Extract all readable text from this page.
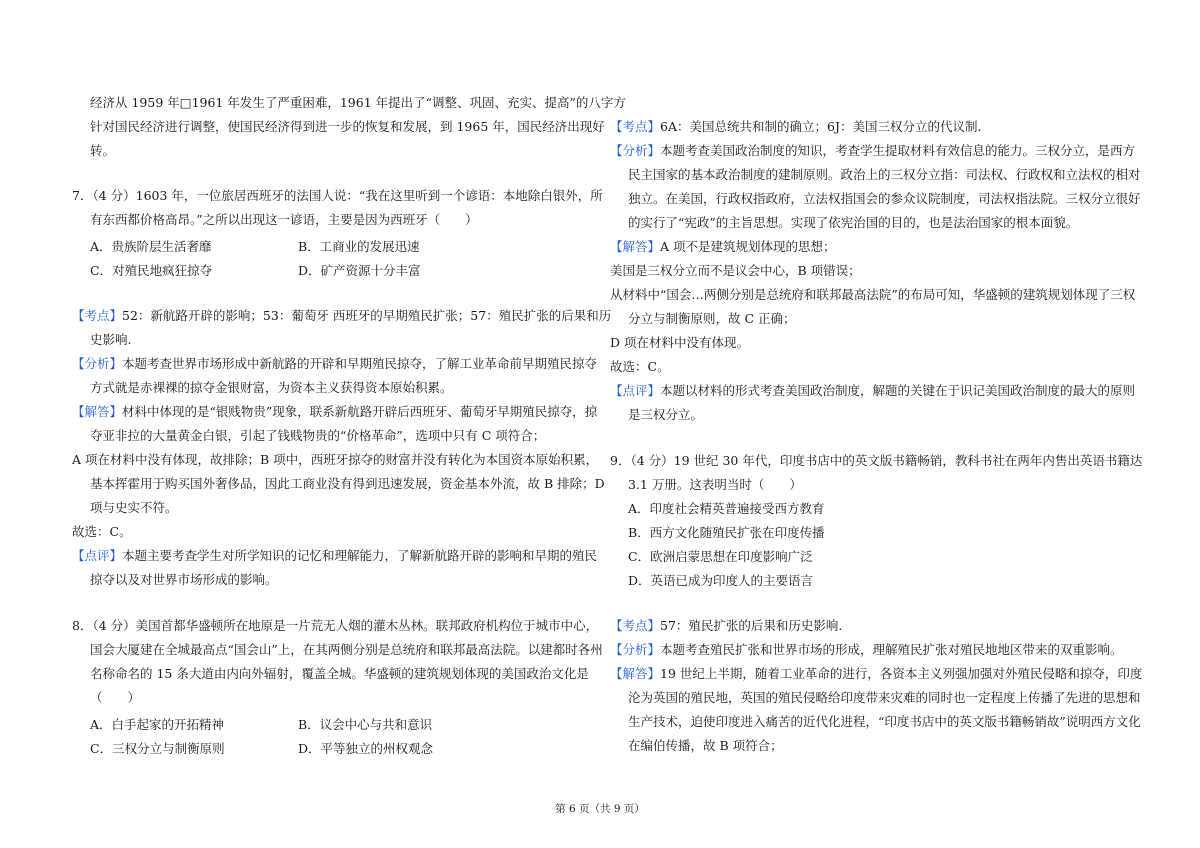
经济从 1959 年□1961 年发生了严重困难，1961 年提出了“调整、巩固、充实、提高”的八字方
针对国民经济进行调整，使国民经济得到进一步的恢复和发展，到 1965 年，国民经济出现好
转。
7．（4 分）1603 年，一位旅居西班牙的法国人说：“我在这里听到一个谚语：本地除白银外，所
有东西都价格高昂。”之所以出现这一谚语，主要是因为西班牙（　　）
A．贵族阶层生活奢靡	B．工商业的发展迅速
C．对殖民地疯狂掠夺	D．矿产资源十分丰富
【考点】52：新航路开辟的影响；53：葡萄牙 西班牙的早期殖民扩张；57：殖民扩张的后果和历
史影响.
【分析】本题考查世界市场形成中新航路的开辟和早期殖民掠夺，了解工业革命前早期殖民掠夺
方式就是赤裸裸的掠夺金银财富，为资本主义获得资本原始积累。
【解答】材料中体现的是“银贱物贵”现象，联系新航路开辟后西班牙、葡萄牙早期殖民掠夺，掠
夺亚非拉的大量黄金白银，引起了钱贱物贵的“价格革命”，选项中只有 C 项符合；
A 项在材料中没有体现，故排除；B 项中，西班牙掠夺的财富并没有转化为本国资本原始积累，
基本挥霍用于购买国外奢侈品，因此工商业没有得到迅速发展，资金基本外流，故 B 排除；D
项与史实不符。
故选：C。
【点评】本题主要考查学生对所学知识的记忆和理解能力，了解新航路开辟的影响和早期的殖民
掠夺以及对世界市场形成的影响。
8．（4 分）美国首都华盛顿所在地原是一片荒无人烟的灌木丛林。联邦政府机构位于城市中心，
国会大厦建在全城最高点“国会山”上，在其两侧分别是总统府和联邦最高法院。以建都时各州
名称命名的 15 条大道由内向外辐射，覆盖全城。华盛顿的建筑规划体现的美国政治文化是
（　　）
A．白手起家的开拓精神	B．议会中心与共和意识
C．三权分立与制衡原则	D．平等独立的州权观念
【考点】6A：美国总统共和制的确立；6J：美国三权分立的代议制.
【分析】本题考查美国政治制度的知识，考查学生提取材料有效信息的能力。三权分立，是西方
民主国家的基本政治制度的建制原则。政治上的三权分立指：司法权、行政权和立法权的相对
独立。在美国，行政权指政府，立法权指国会的参众议院制度，司法权指法院。三权分立很好
的实行了“宪政”的主旨思想。实现了依宪治国的目的，也是法治国家的根本面貌。
【解答】A 项不是建筑规划体现的思想；
美国是三权分立而不是议会中心，B 项错误；
从材料中“国会…两侧分别是总统府和联邦最高法院”的布局可知，华盛顿的建筑规划体现了三权
分立与制衡原则，故 C 正确；
D 项在材料中没有体现。
故选：C。
【点评】本题以材料的形式考查美国政治制度，解题的关键在于识记美国政治制度的最大的原则
是三权分立。
9．（4 分）19 世纪 30 年代，印度书店中的英文版书籍畅销，教科书社在两年内售出英语书籍达
3.1 万册。这表明当时（　　）
A．印度社会精英普遍接受西方教育
B．西方文化随殖民扩张在印度传播
C．欧洲启蒙思想在印度影响广泛
D．英语已成为印度人的主要语言
【考点】57：殖民扩张的后果和历史影响.
【分析】本题考查殖民扩张和世界市场的形成，理解殖民扩张对殖民地地区带来的双重影响。
【解答】19 世纪上半期，随着工业革命的进行，各资本主义列强加强对外殖民侵略和掠夺，印度
沦为英国的殖民地，英国的殖民侵略给印度带来灾难的同时也一定程度上传播了先进的思想和
生产技术，迫使印度进入痛苦的近代化进程，“印度书店中的英文版书籍畅销故”说明西方文化
在编伯传播，故 B 项符合；
第 6 页（共 9 页）
